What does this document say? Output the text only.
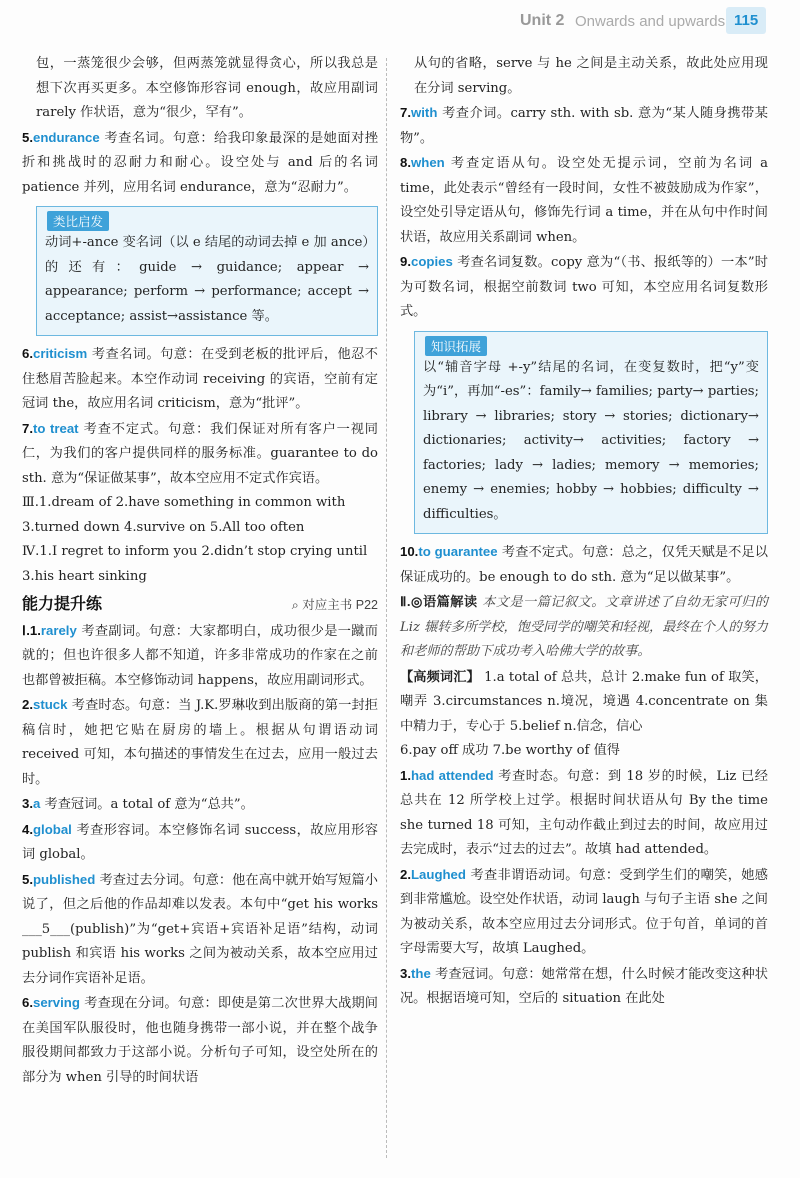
Unit 2 Onwards and upwards 115

包，一蒸笼很少会够，但两蒸笼就显得贪心，所以我总是想下次再买更多。本空修饰形容词 enough，故应用副词 rarely 作状语，意为“很少，罕有”。

5.endurance 考查名词。句意：给我印象最深的是她面对挫折和挑战时的忍耐力和耐心。设空处与 and 后的名词 patience 并列，应用名词 endurance，意为“忍耐力”。

类比启发

动词+-ance 变名词（以 e 结尾的动词去掉 e 加 ance）的还有：guide → guidance; appear → appearance; perform → performance; accept → acceptance; assist→assistance 等。

6.criticism 考查名词。句意：在受到老板的批评后，他忍不住愁眉苦脸起来。本空作动词 receiving 的宾语，空前有定冠词 the，故应用名词 criticism，意为“批评”。

7.to treat 考查不定式。句意：我们保证对所有客户一视同仁，为我们的客户提供同样的服务标准。guarantee to do sth. 意为“保证做某事”，故本空应用不定式作宾语。

Ⅲ.1.dream of 2.have something in common with

3.turned down 4.survive on 5.All too often

Ⅳ.1.I regret to inform you 2.didn’t stop crying until

3.his heart sinking

能力提升练	⌕ 对应主书 P22

Ⅰ.1.rarely 考查副词。句意：大家都明白，成功很少是一蹴而就的；但也许很多人都不知道，许多非常成功的作家在之前也都曾被拒稿。本空修饰动词 happens，故应用副词形式。

2.stuck 考查时态。句意：当 J.K.罗琳收到出版商的第一封拒稿信时，她把它贴在厨房的墙上。根据从句谓语动词 received 可知，本句描述的事情发生在过去，应用一般过去时。

3.a 考查冠词。a total of 意为“总共”。

4.global 考查形容词。本空修饰名词 success，故应用形容词 global。

5.published 考查过去分词。句意：他在高中就开始写短篇小说了，但之后他的作品却难以发表。本句中“get his works ___5___(publish)”为“get+宾语+宾语补足语”结构，动词 publish 和宾语 his works 之间为被动关系，故本空应用过去分词作宾语补足语。

6.serving 考查现在分词。句意：即使是第二次世界大战期间在美国军队服役时，他也随身携带一部小说，并在整个战争服役期间都致力于这部小说。分析句子可知，设空处所在的部分为 when 引导的时间状语

从句的省略，serve 与 he 之间是主动关系，故此处应用现在分词 serving。

7.with 考查介词。carry sth. with sb. 意为“某人随身携带某物”。

8.when 考查定语从句。设空处无提示词，空前为名词 a time，此处表示“曾经有一段时间，女性不被鼓励成为作家”，设空处引导定语从句，修饰先行词 a time，并在从句中作时间状语，故应用关系副词 when。

9.copies 考查名词复数。copy 意为“（书、报纸等的）一本”时为可数名词，根据空前数词 two 可知，本空应用名词复数形式。

知识拓展

以“辅音字母 +-y”结尾的名词，在变复数时，把“y”变为“i”，再加“-es”：family→ families; party→ parties; library → libraries; story → stories; dictionary→ dictionaries; activity→ activities; factory → factories; lady → ladies; memory → memories; enemy → enemies; hobby → hobbies; difficulty → difficulties。

10.to guarantee 考查不定式。句意：总之，仅凭天赋是不足以保证成功的。be enough to do sth. 意为“足以做某事”。

Ⅱ.◎语篇解读 本文是一篇记叙文。文章讲述了自幼无家可归的 Liz 辗转多所学校，饱受同学的嘲笑和轻视，最终在个人的努力和老师的帮助下成功考入哈佛大学的故事。

【高频词汇】 1.a total of 总共，总计 2.make fun of 取笑，嘲弄 3.circumstances n.境况，境遇 4.concentrate on 集中精力于，专心于 5.belief n.信念，信心

6.pay off 成功 7.be worthy of 值得

1.had attended 考查时态。句意：到 18 岁的时候，Liz 已经总共在 12 所学校上过学。根据时间状语从句 By the time she turned 18 可知，主句动作截止到过去的时间，故应用过去完成时，表示“过去的过去”。故填 had attended。

2.Laughed 考查非谓语动词。句意：受到学生们的嘲笑，她感到非常尴尬。设空处作状语，动词 laugh 与句子主语 she 之间为被动关系，故本空应用过去分词形式。位于句首，单词的首字母需要大写，故填 Laughed。

3.the 考查冠词。句意：她常常在想，什么时候才能改变这种状况。根据语境可知，空后的 situation 在此处
